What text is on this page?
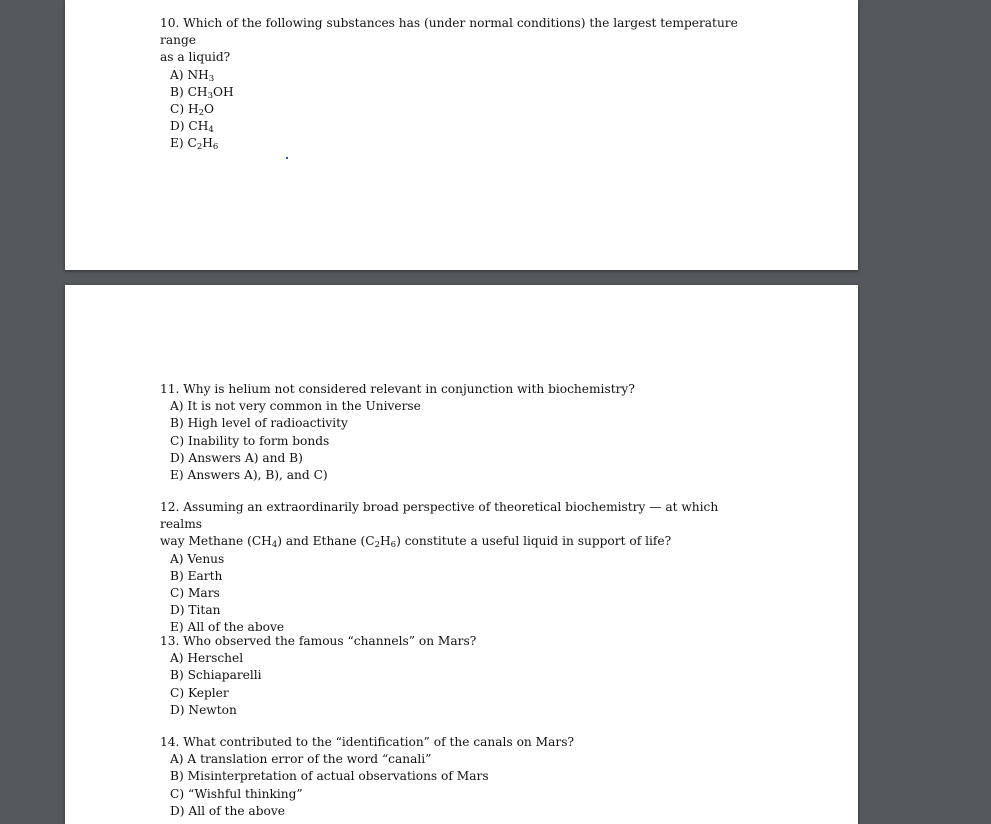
10. Which of the following substances has (under normal conditions) the largest temperature range

as a liquid?

A) $NH_3$

B) $CH_3OH$

C) $H_2O$

D) $CH_4$

E) $C_2H_6$

11. Why is helium not considered relevant in conjunction with biochemistry?

A) It is not very common in the Universe

B) High level of radioactivity

C) Inability to form bonds

D) Answers A) and B)

E) Answers A), B), and C)

12. Assuming an extraordinarily broad perspective of theoretical biochemistry — at which realms

way Methane $(CH_4)$ and Ethane $(C_2H_6)$ constitute a useful liquid in support of life?

A) Venus

B) Earth

C) Mars

D) Titan

E) All of the above

13. Who observed the famous “channels” on Mars?

A) Herschel

B) Schiaparelli

C) Kepler

D) Newton

14. What contributed to the “identification” of the canals on Mars?

A) A translation error of the word “canali”

B) Misinterpretation of actual observations of Mars

C) “Wishful thinking”

D) All of the above
